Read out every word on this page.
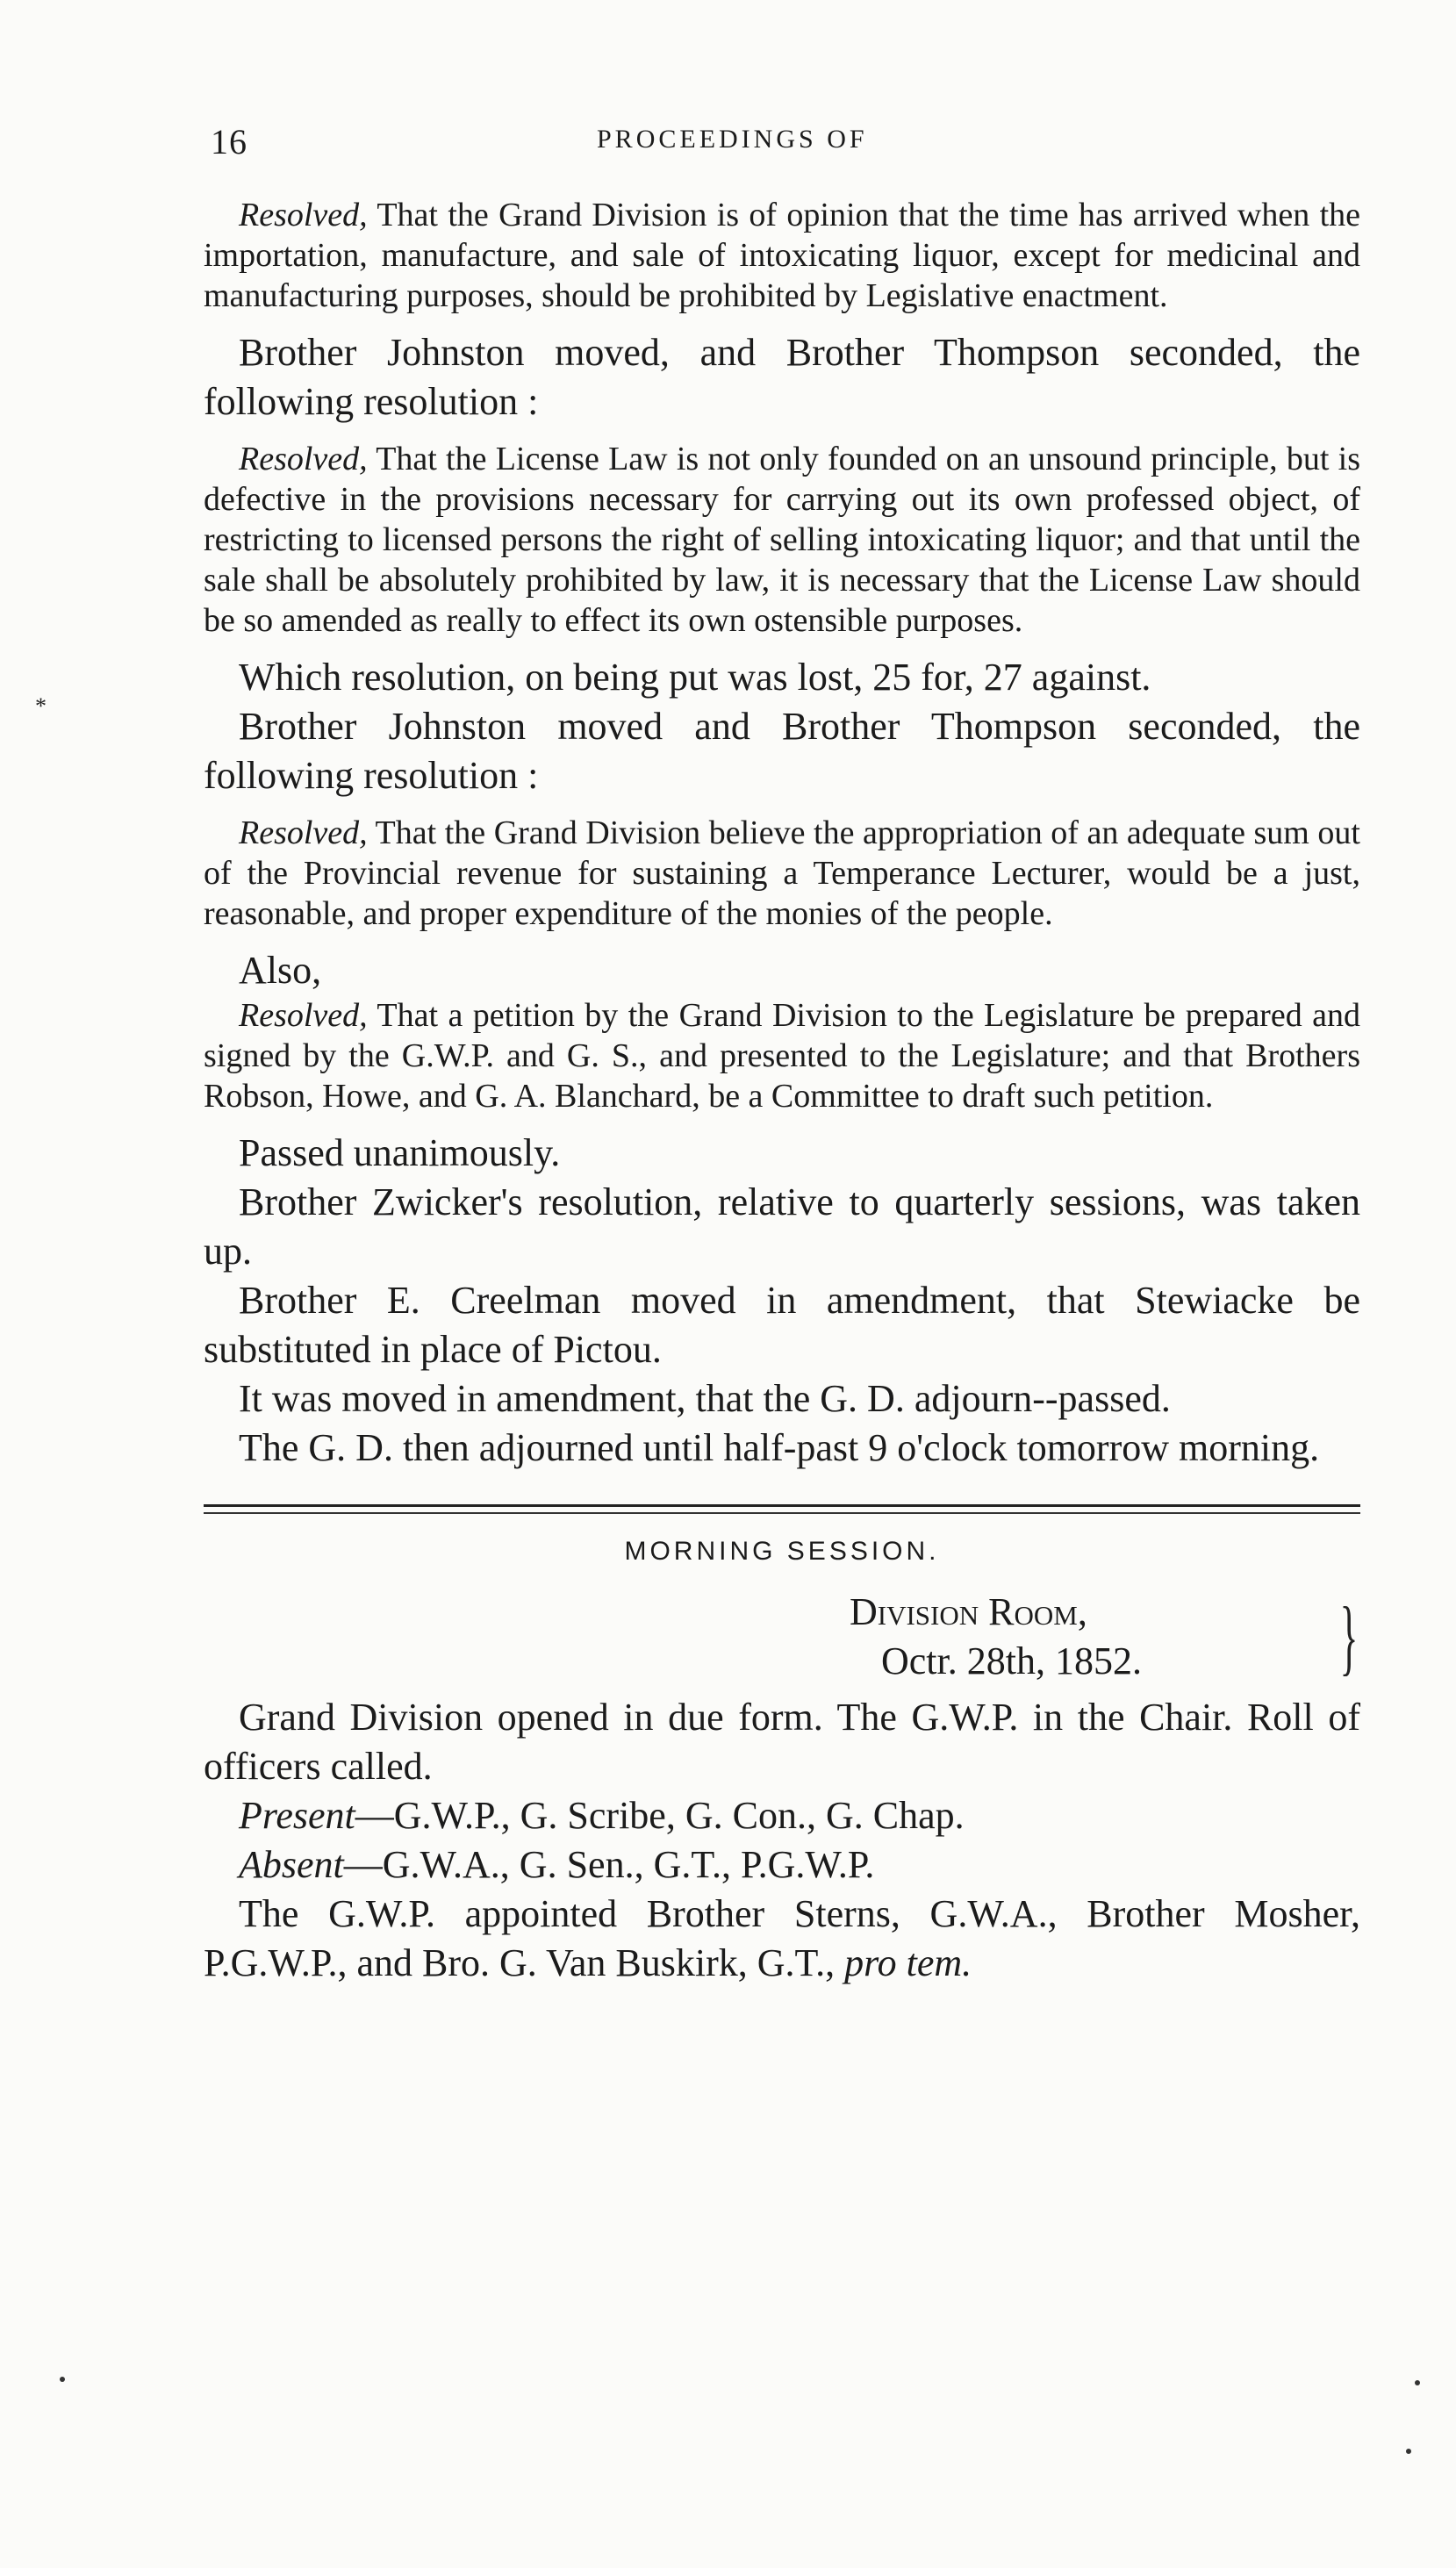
16	PROCEEDINGS OF
*

Resolved, That the Grand Division is of opinion that the time has arrived when the importation, manufacture, and sale of intoxicating liquor, except for medicinal and manufacturing purposes, should be prohibited by Legislative enactment.

Brother Johnston moved, and Brother Thompson seconded, the following resolution :

Resolved, That the License Law is not only founded on an unsound principle, but is defective in the provisions necessary for carrying out its own professed object, of restricting to licensed persons the right of selling intoxicating liquor; and that until the sale shall be absolutely prohibited by law, it is necessary that the License Law should be so amended as really to effect its own ostensible purposes.

Which resolution, on being put was lost, 25 for, 27 against.

Brother Johnston moved and Brother Thompson seconded, the following resolution :

Resolved, That the Grand Division believe the appropriation of an adequate sum out of the Provincial revenue for sustaining a Temperance Lecturer, would be a just, reasonable, and proper expenditure of the monies of the people.

Also,

Resolved, That a petition by the Grand Division to the Legislature be prepared and signed by the G.W.P. and G. S., and presented to the Legislature; and that Brothers Robson, Howe, and G. A. Blanchard, be a Committee to draft such petition.

Passed unanimously.

Brother Zwicker's resolution, relative to quarterly sessions, was taken up.

Brother E. Creelman moved in amendment, that Stewiacke be substituted in place of Pictou.

It was moved in amendment, that the G. D. adjourn--passed.

The G. D. then adjourned until half-past 9 o'clock tomorrow morning.

MORNING SESSION.
Division Room,
Octr. 28th, 1852. }

Grand Division opened in due form. The G.W.P. in the Chair. Roll of officers called.

Present—G.W.P., G. Scribe, G. Con., G. Chap.

Absent—G.W.A., G. Sen., G.T., P.G.W.P.

The G.W.P. appointed Brother Sterns, G.W.A., Brother Mosher, P.G.W.P., and Bro. G. Van Buskirk, G.T., pro tem.
